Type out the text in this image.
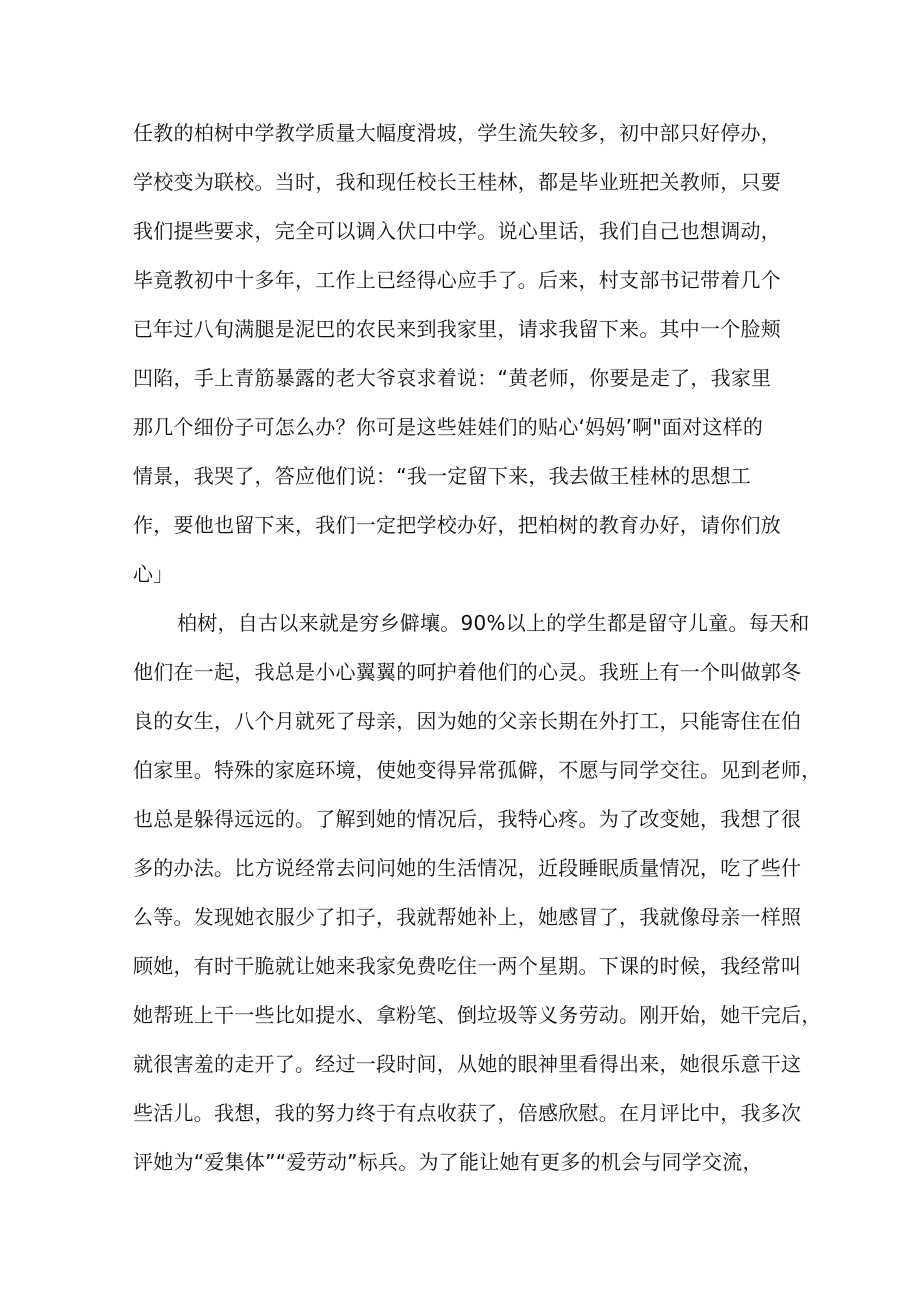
任教的柏树中学教学质量大幅度滑坡，学生流失较多，初中部只好停办，
学校变为联校。当时，我和现任校长王桂林，都是毕业班把关教师，只要
我们提些要求，完全可以调入伏口中学。说心里话，我们自己也想调动，
毕竟教初中十多年，工作上已经得心应手了。后来，村支部书记带着几个
已年过八旬满腿是泥巴的农民来到我家里，请求我留下来。其中一个脸颊
凹陷，手上青筋暴露的老大爷哀求着说：“黄老师，你要是走了，我家里
那几个细份子可怎么办？你可是这些娃娃们的贴心‘妈妈’啊"面对这样的
情景，我哭了，答应他们说：“我一定留下来，我去做王桂林的思想工
作，要他也留下来，我们一定把学校办好，把柏树的教育办好，请你们放
心」
柏树，自古以来就是穷乡僻壤。90%以上的学生都是留守儿童。每天和
他们在一起，我总是小心翼翼的呵护着他们的心灵。我班上有一个叫做郭冬
良的女生，八个月就死了母亲，因为她的父亲长期在外打工，只能寄住在伯
伯家里。特殊的家庭环境，使她变得异常孤僻，不愿与同学交往。见到老师，
也总是躲得远远的。了解到她的情况后，我特心疼。为了改变她，我想了很
多的办法。比方说经常去问问她的生活情况，近段睡眠质量情况，吃了些什
么等。发现她衣服少了扣子，我就帮她补上，她感冒了，我就像母亲一样照
顾她，有时干脆就让她来我家免费吃住一两个星期。下课的时候，我经常叫
她帮班上干一些比如提水、拿粉笔、倒垃圾等义务劳动。刚开始，她干完后，
就很害羞的走开了。经过一段时间，从她的眼神里看得出来，她很乐意干这
些活儿。我想，我的努力终于有点收获了，倍感欣慰。在月评比中，我多次
评她为“爱集体”“爱劳动”标兵。为了能让她有更多的机会与同学交流，
